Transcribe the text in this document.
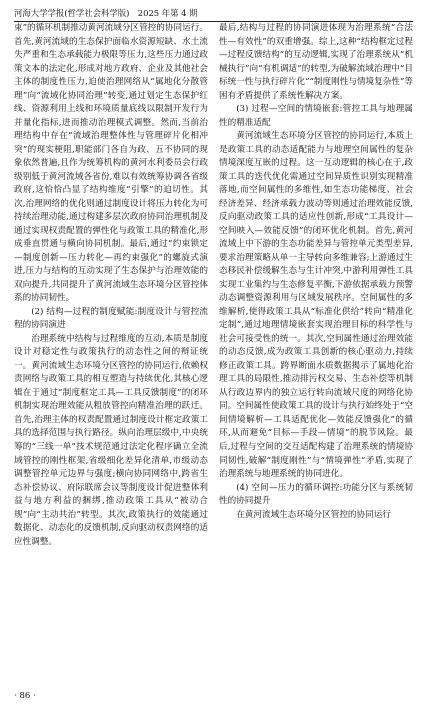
河海大学学报(哲学社会科学版)　2025 年第 4 期

束”的循环机制推动黄河流域分区管控的协同运行。首先,黄河流域的生态保护面临水资源短缺、水土流失严重和生态承载能力极限等压力,这些压力通过政策文本的法定化,形成对地方政府、企业及其他社会主体的制度性压力,迫使治理网络从“属地化分散管理”向“流域化协同治理”转变,通过划定生态保护红线、资源利用上线和环境质量底线以限制开发行为并量化指标,进而推动治理模式调整。然而,当前治理结构中存在“流域治理整体性与管理碎片化相冲突”的现实梗阻,职能部门各自为政、五不协同的现象依然普遍,且作为统筹机构的黄河水利委员会行政级别低于黄河流域各省份,难以有效统筹协调各省级政府,这恰恰凸显了结构维度“引擎”的迫切性。其次,治理网络的优化则通过制度设计将压力转化为可持续治理动能,通过构建多层次政府协同治理机制及通过实现权责配置的弹性化与政策工具的精准化,形成垂直贯通与横向协同机制。最后,通过“约束锁定—制度创新—压力转化—再约束强化”的螺旋式演进,压力与结构的互动实现了生态保护与治理效能的双向提升,共同提升了黄河流域生态环境分区管控体系的协同韧性。

(2) 结构—过程的制度赋能:制度设计与管控流程的协同演进

治理系统中结构与过程维度的互动,本质是制度设计对稳定性与政策执行的动态性之间的辩证统一。黄河流域生态环境分区管控的协同运行,依赖权责网络与政策工具的相互塑造与持续优化,其核心逻辑在于通过“制度框定工具—工具反馈制度”的闭环机制实现治理效能从粗放管控向精准治理的跃迁。首先,治理主体的权责配置通过制度设计框定政策工具的选择范围与执行路径。纵向治理层级中,中央统筹的“三线一单”技术规范通过法定化程序确立全流域管控的刚性框架,省级细化差异化清单,市级动态调整管控单元边界与强度;横向协同网络中,跨省生态补偿协议、府际联席会议等制度设计促进整体利益与地方利益的捆绑,推动政策工具从“被动合规”向“主动共治”转型。其次,政策执行的效能通过数据化、动态化的反馈机制,反向驱动权责网络的适应性调整。

最后,结构与过程的协同演进体现为治理系统“合法性—有效性”的双重增强。综上,这种“结构框定过程—过程反馈结构”的互动逻辑,实现了治理系统从“机械执行”向“有机调适”的转型,为破解流域治理中“目标统一性与执行碎片化”“制度刚性与情境复杂性”等困有矛盾提供了系统性解决方案。

(3) 过程—空间的情境嵌套:管控工具与地理属性的精准适配

黄河流域生态环境分区管控的协同运行,本质上是政策工具的动态适配能力与地理空间属性的复杂情境深度互嵌的过程。这一互动逻辑的核心在于,政策工具的迭代优化需通过空间异质性识别实现精准落地,而空间属性的多维性,如生态功能梯度、社会经济差异、经济承载力波动等则通过治理效能反馈,反向驱动政策工具的适应性创新,形成“工具设计—空间映入—效能反馈”的闭环优化机制。首先,黄河流域上中下游的生态功能差异与管控单元类型差异,要求治理策略从单一主导转向多维兼容;上游通过生态移民补偿缓解生态与生计冲突,中游利用弹性工具实现工业集约与生态修复平衡,下游依据承载力预警动态调整资源利用与区域发展秩序。空间属性的多维解析,使得政策工具从“标准化供给”转向“精准化定制”,通过地理情境嵌套实现治理目标的科学性与社会可接受性的统一。其次,空间属性通过治理效能的动态反馈,成为政策工具创新的核心驱动力,持续修正政策工具。跨界断面水质数据揭示了属地化治理工具的局限性,推动排污权交易、生态补偿等机制从行政边界内的独立运行转向流域尺度的网络化协同。空间属性使政策工具的设计与执行始终处于“空间情境解析—工具适配优化—效能反馈强化”的循环,从而避免“目标—手段—情境”的脱节风险。最后,过程与空间的交互适配构建了治理系统的情境协同韧性,破解“制度刚性”与“情境弹性”矛盾,实现了治理系统与地理系统的协同进化。

(4) 空间—压力的循环调控:功能分区与系统韧性的协同提升

在黄河流域生态环境分区管控的协同运行

· 86 ·
